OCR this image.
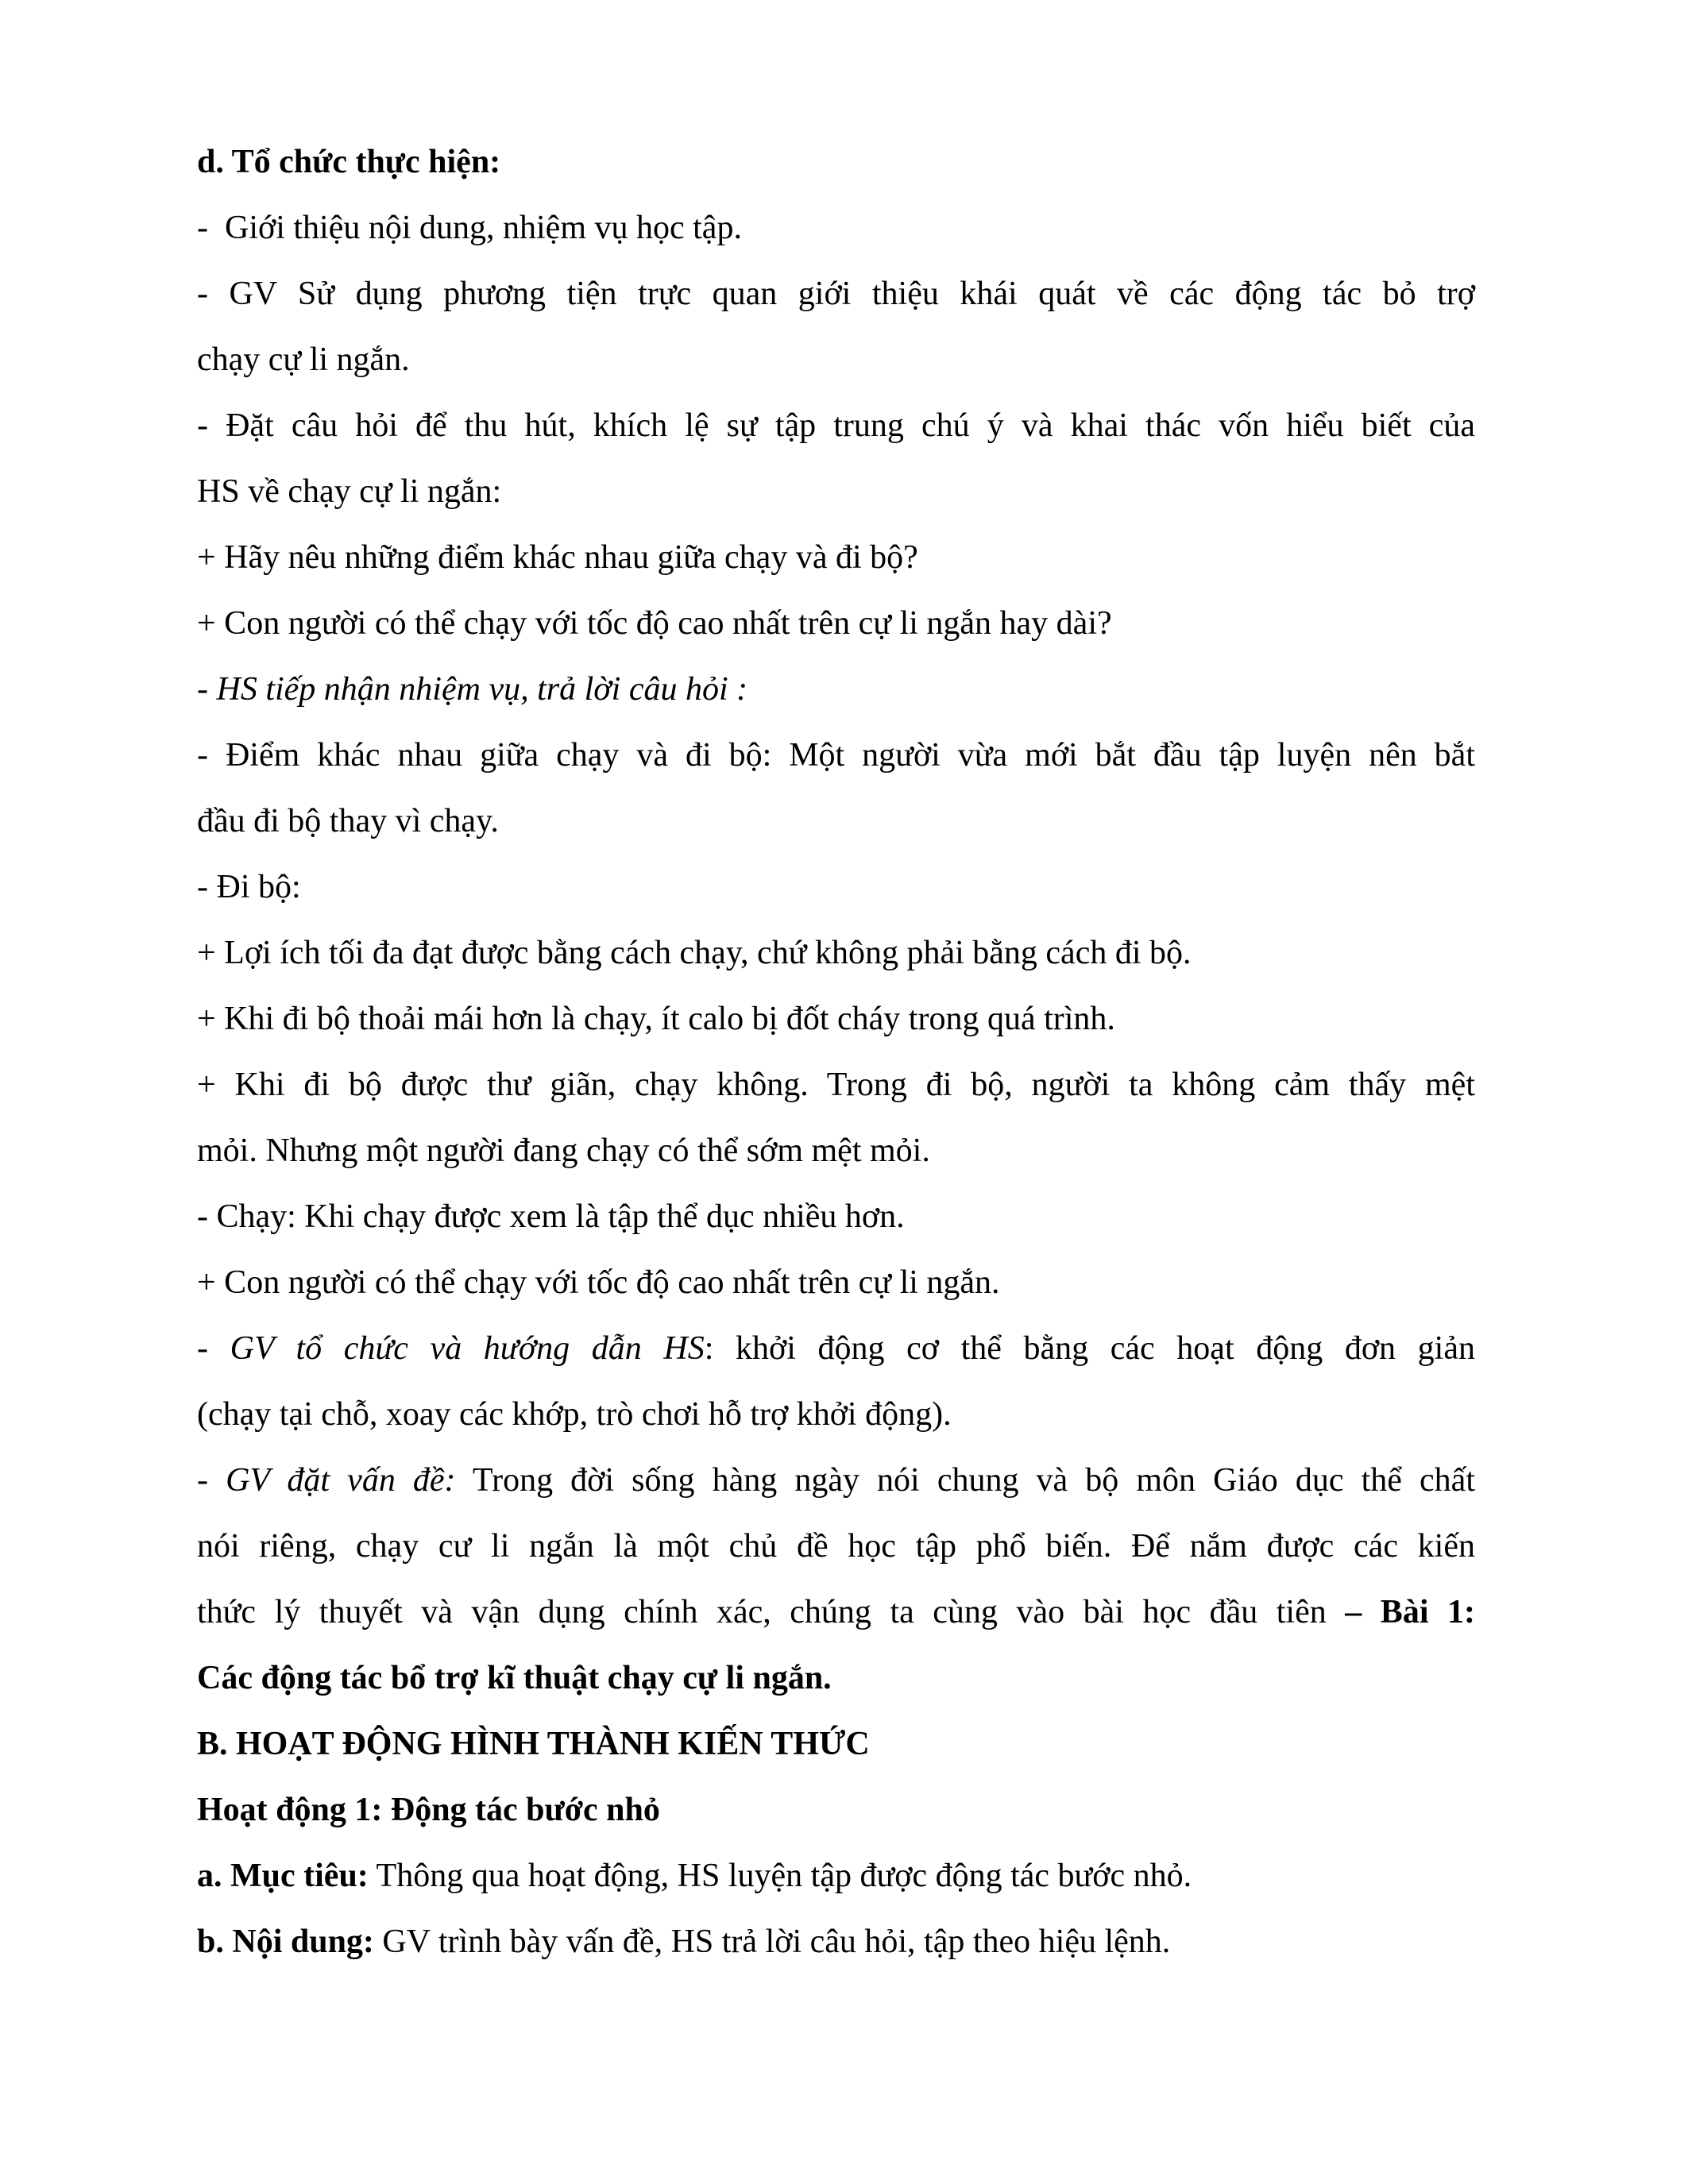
d. Tổ chức thực hiện:
-  Giới thiệu nội dung, nhiệm vụ học tập.
- GV Sử dụng phương tiện trực quan giới thiệu khái quát về các động tác bỏ trợ
chạy cự li ngắn.
- Đặt câu hỏi để thu hút, khích lệ sự tập trung chú ý và khai thác vốn hiểu biết của
HS về chạy cự li ngắn:
+ Hãy nêu những điểm khác nhau giữa chạy và đi bộ?
+ Con người có thể chạy với tốc độ cao nhất trên cự li ngắn hay dài?
- HS tiếp nhận nhiệm vụ, trả lời câu hỏi :
- Điểm khác nhau giữa chạy và đi bộ: Một người vừa mới bắt đầu tập luyện nên bắt
đầu đi bộ thay vì chạy.
- Đi bộ:
+ Lợi ích tối đa đạt được bằng cách chạy, chứ không phải bằng cách đi bộ.
+ Khi đi bộ thoải mái hơn là chạy, ít calo bị đốt cháy trong quá trình.
+ Khi đi bộ được thư giãn, chạy không. Trong đi bộ, người ta không cảm thấy mệt
mỏi. Nhưng một người đang chạy có thể sớm mệt mỏi.
- Chạy: Khi chạy được xem là tập thể dục nhiều hơn.
+ Con người có thể chạy với tốc độ cao nhất trên cự li ngắn.
- GV tổ chức và hướng dẫn HS: khởi động cơ thể bằng các hoạt động đơn giản
(chạy tại chỗ, xoay các khớp, trò chơi hỗ trợ khởi động).
- GV đặt vấn đề: Trong đời sống hàng ngày nói chung và bộ môn Giáo dục thể chất
nói riêng, chạy cư li ngắn là một chủ đề học tập phổ biến. Để nắm được các kiến
thức lý thuyết và vận dụng chính xác, chúng ta cùng vào bài học đầu tiên – Bài 1:
Các động tác bổ trợ kĩ thuật chạy cự li ngắn.
B. HOẠT ĐỘNG HÌNH THÀNH KIẾN THỨC
Hoạt động 1: Động tác bước nhỏ
a. Mục tiêu: Thông qua hoạt động, HS luyện tập được động tác bước nhỏ.
b. Nội dung: GV trình bày vấn đề, HS trả lời câu hỏi, tập theo hiệu lệnh.
